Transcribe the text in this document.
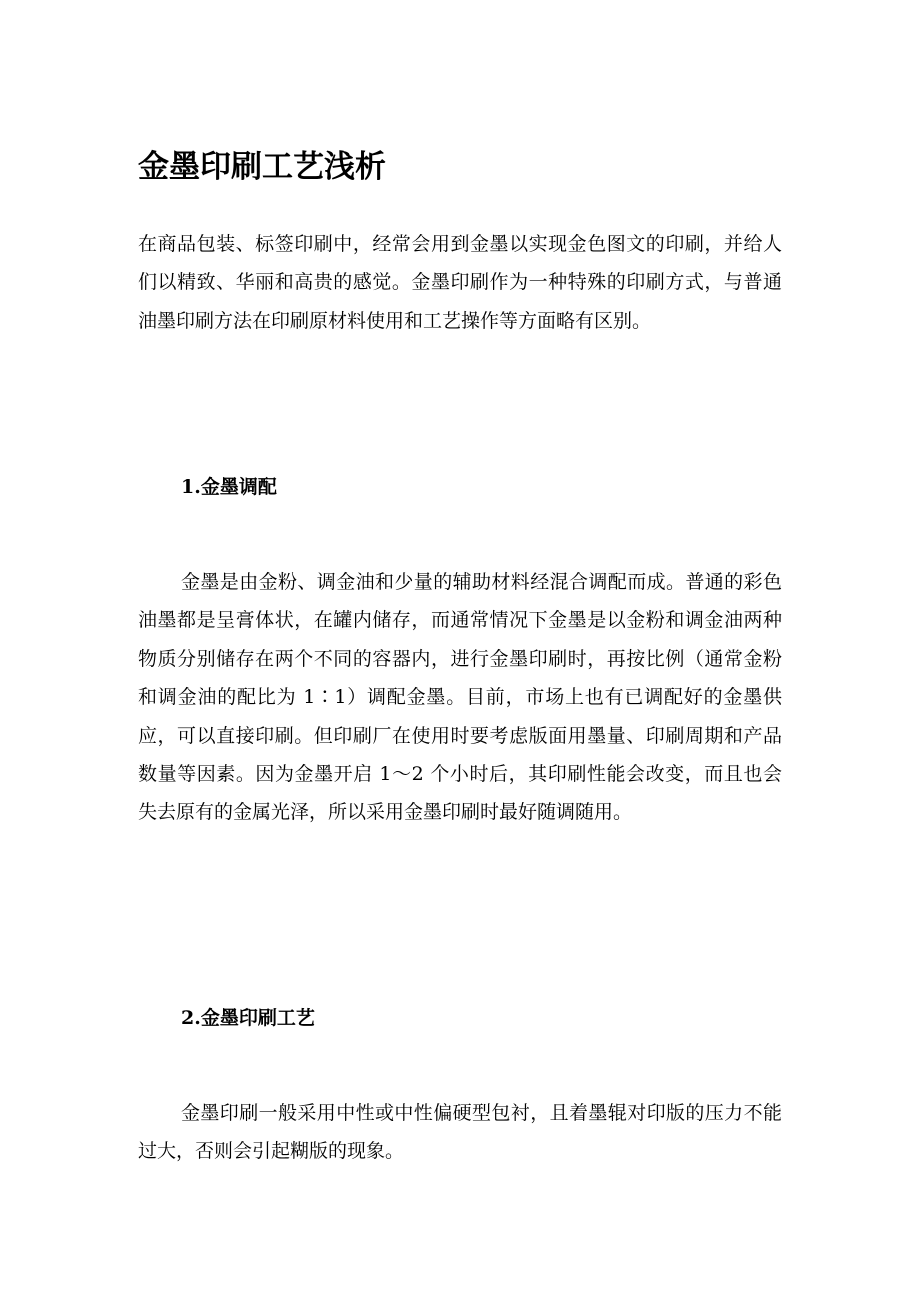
金墨印刷工艺浅析

在商品包装、标签印刷中，经常会用到金墨以实现金色图文的印刷，并给人们以精致、华丽和高贵的感觉。金墨印刷作为一种特殊的印刷方式，与普通油墨印刷方法在印刷原材料使用和工艺操作等方面略有区别。

1.金墨调配

金墨是由金粉、调金油和少量的辅助材料经混合调配而成。普通的彩色油墨都是呈膏体状，在罐内储存，而通常情况下金墨是以金粉和调金油两种物质分别储存在两个不同的容器内，进行金墨印刷时，再按比例（通常金粉和调金油的配比为 1∶1）调配金墨。目前，市场上也有已调配好的金墨供应，可以直接印刷。但印刷厂在使用时要考虑版面用墨量、印刷周期和产品数量等因素。因为金墨开启 1～2 个小时后，其印刷性能会改变，而且也会失去原有的金属光泽，所以采用金墨印刷时最好随调随用。

2.金墨印刷工艺

金墨印刷一般采用中性或中性偏硬型包衬，且着墨辊对印版的压力不能过大，否则会引起糊版的现象。
